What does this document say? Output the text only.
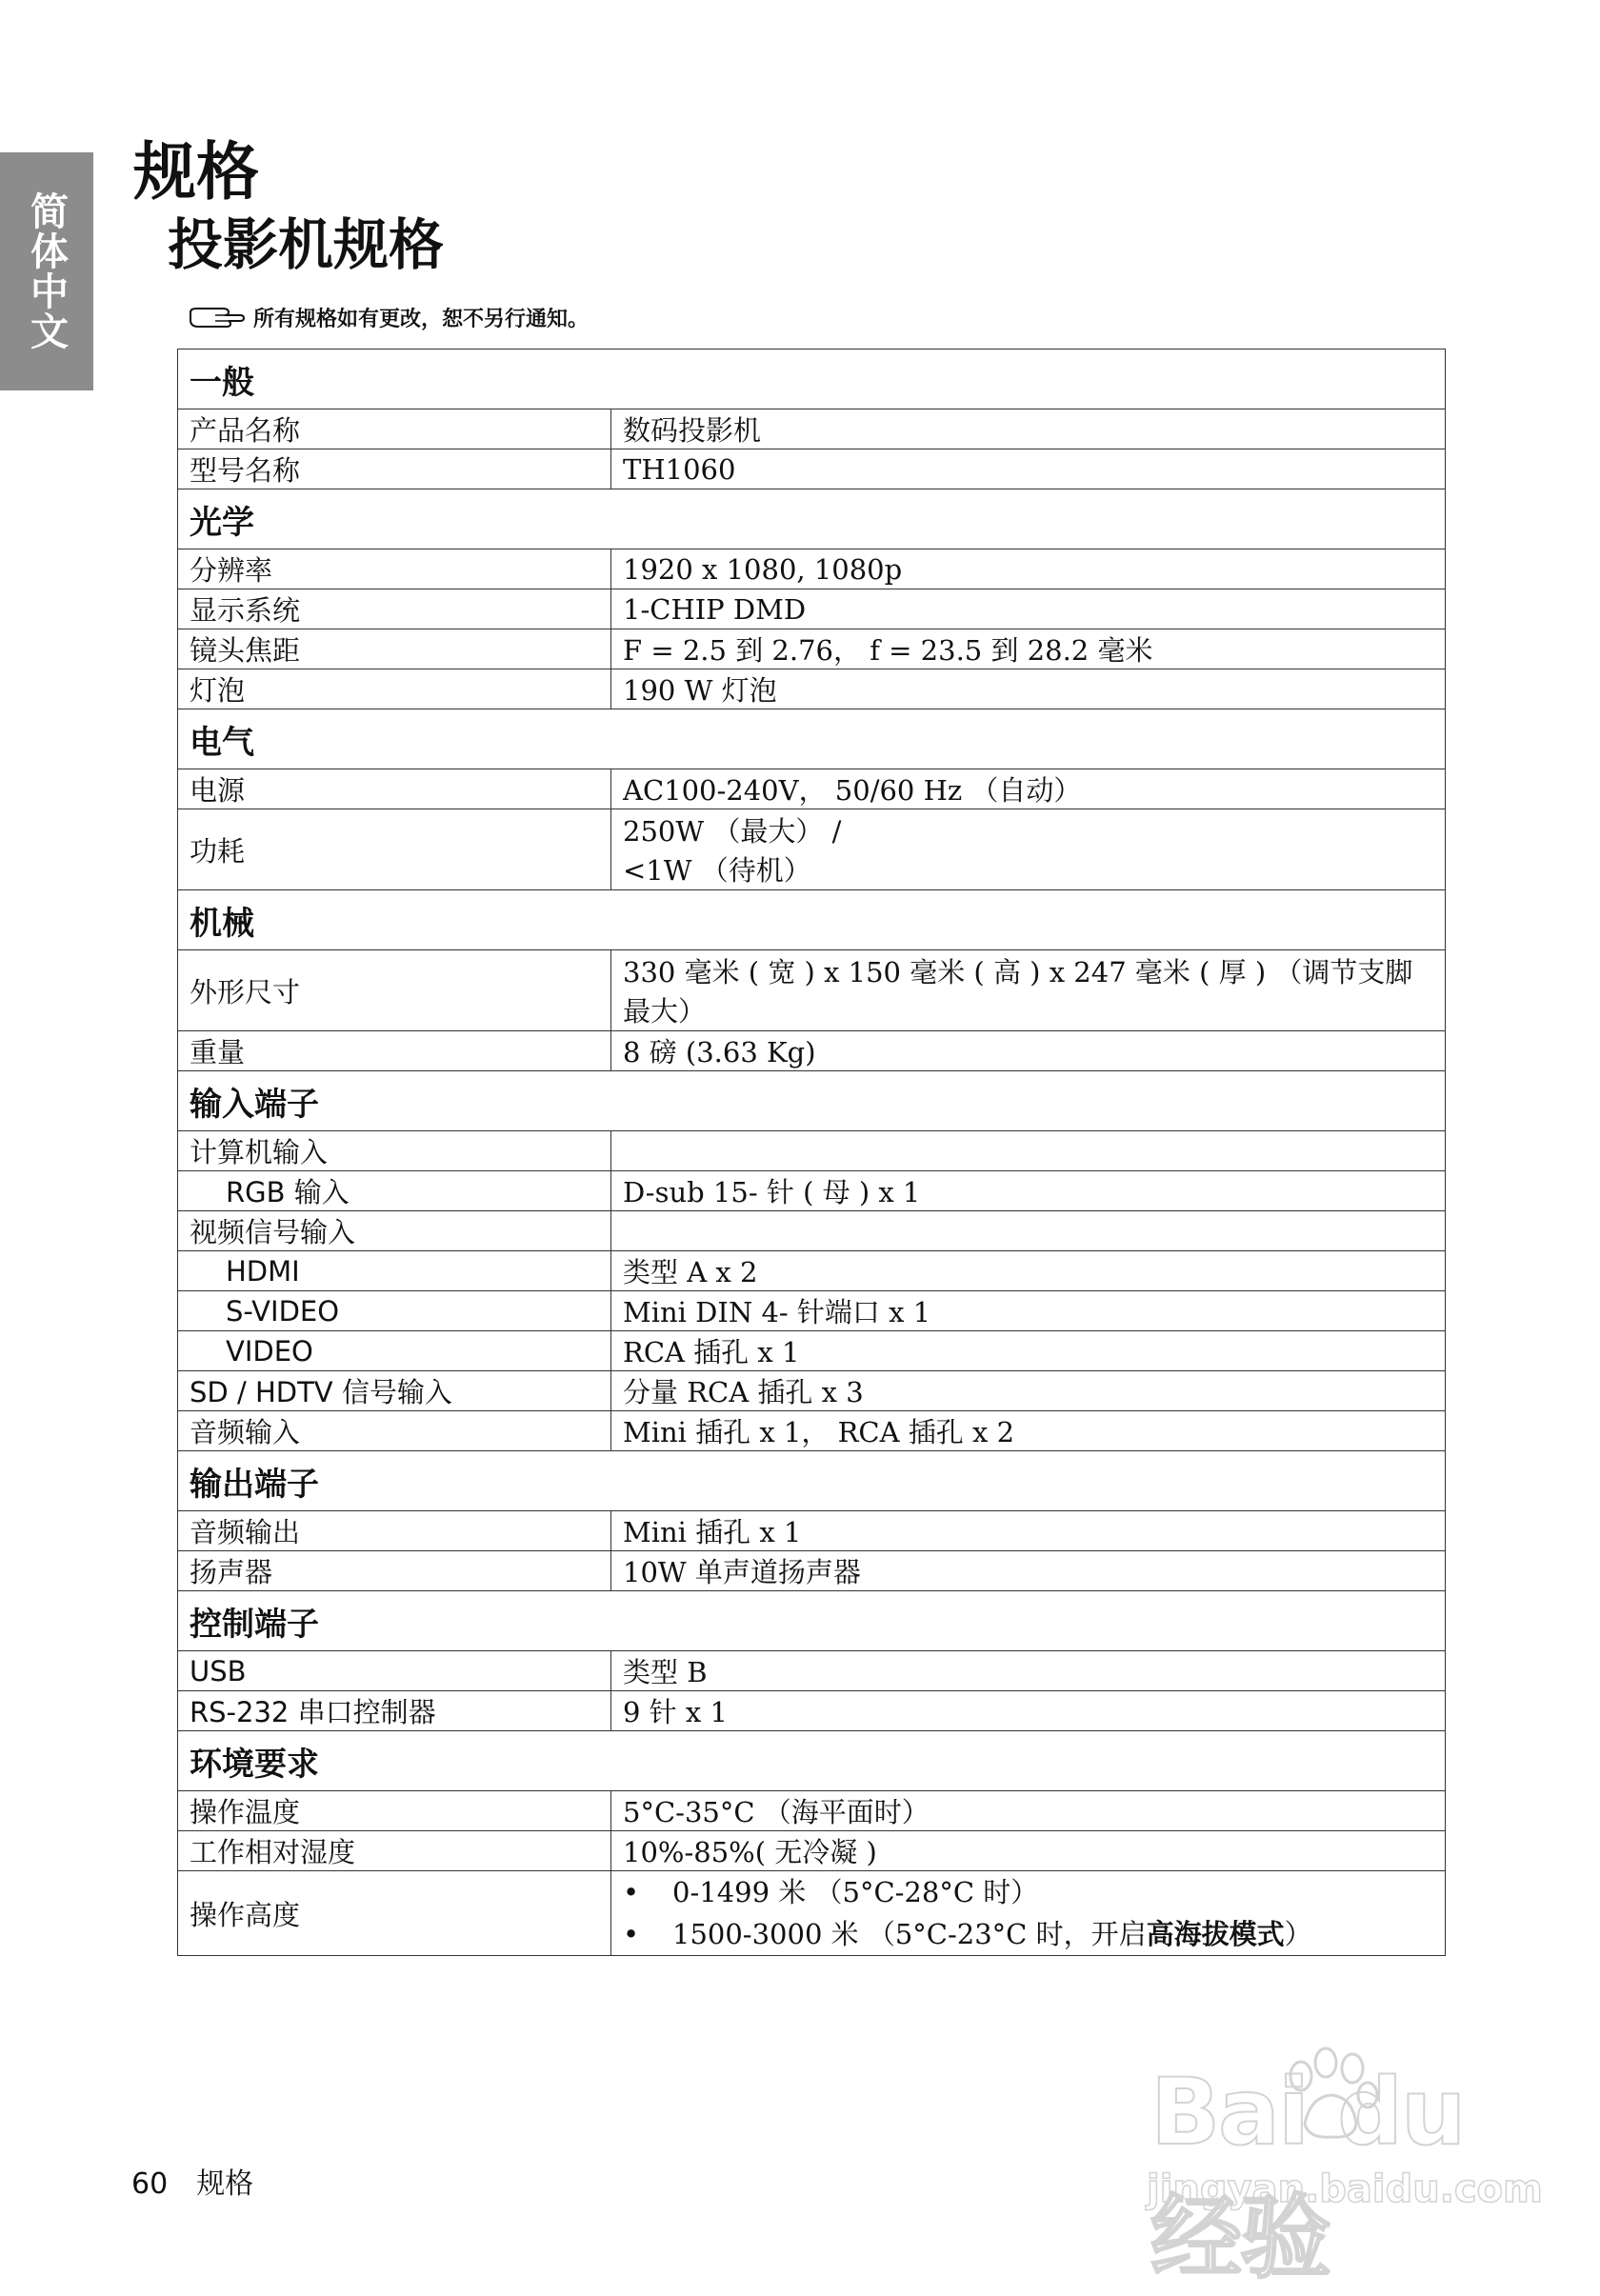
简体中文
规格
投影机规格
所有规格如有更改，恕不另行通知。
一般	
产品名称	数码投影机
型号名称	TH1060
光学	
分辨率	1920 x 1080, 1080p
显示系统	1-CHIP DMD
镜头焦距	F = 2.5 到 2.76， f = 23.5 到 28.2 毫米
灯泡	190 W 灯泡
电气	
电源	AC100-240V， 50/60 Hz （自动）
功耗	250W （最大） /
<1W （待机）

机械	
外形尺寸	330 毫米 ( 宽 ) x 150 毫米 ( 高 ) x 247 毫米 ( 厚 ) （调节支脚
最大）

重量	8 磅 (3.63 Kg)
输入端子	
计算机输入	
RGB 输入	D-sub 15- 针 ( 母 ) x 1
视频信号输入	
HDMI	类型 A x 2
S-VIDEO	Mini DIN 4- 针端口 x 1
VIDEO	RCA 插孔 x 1
SD / HDTV 信号输入	分量 RCA 插孔 x 3
音频输入	Mini 插孔 x 1， RCA 插孔 x 2
输出端子	
音频输出	Mini 插孔 x 1
扬声器	10W 单声道扬声器
控制端子	
USB	类型 B
RS-232 串口控制器	9 针 x 1
环境要求	
操作温度	5°C-35°C （海平面时）
工作相对湿度	10%-85%( 无冷凝 )
操作高度	• 0-1499 米 （5°C-28°C 时）
• 1500-3000 米 （5°C-23°C 时，开启高海拔模式）
60 规格
Bai du 经验
jingyan.baidu.com
